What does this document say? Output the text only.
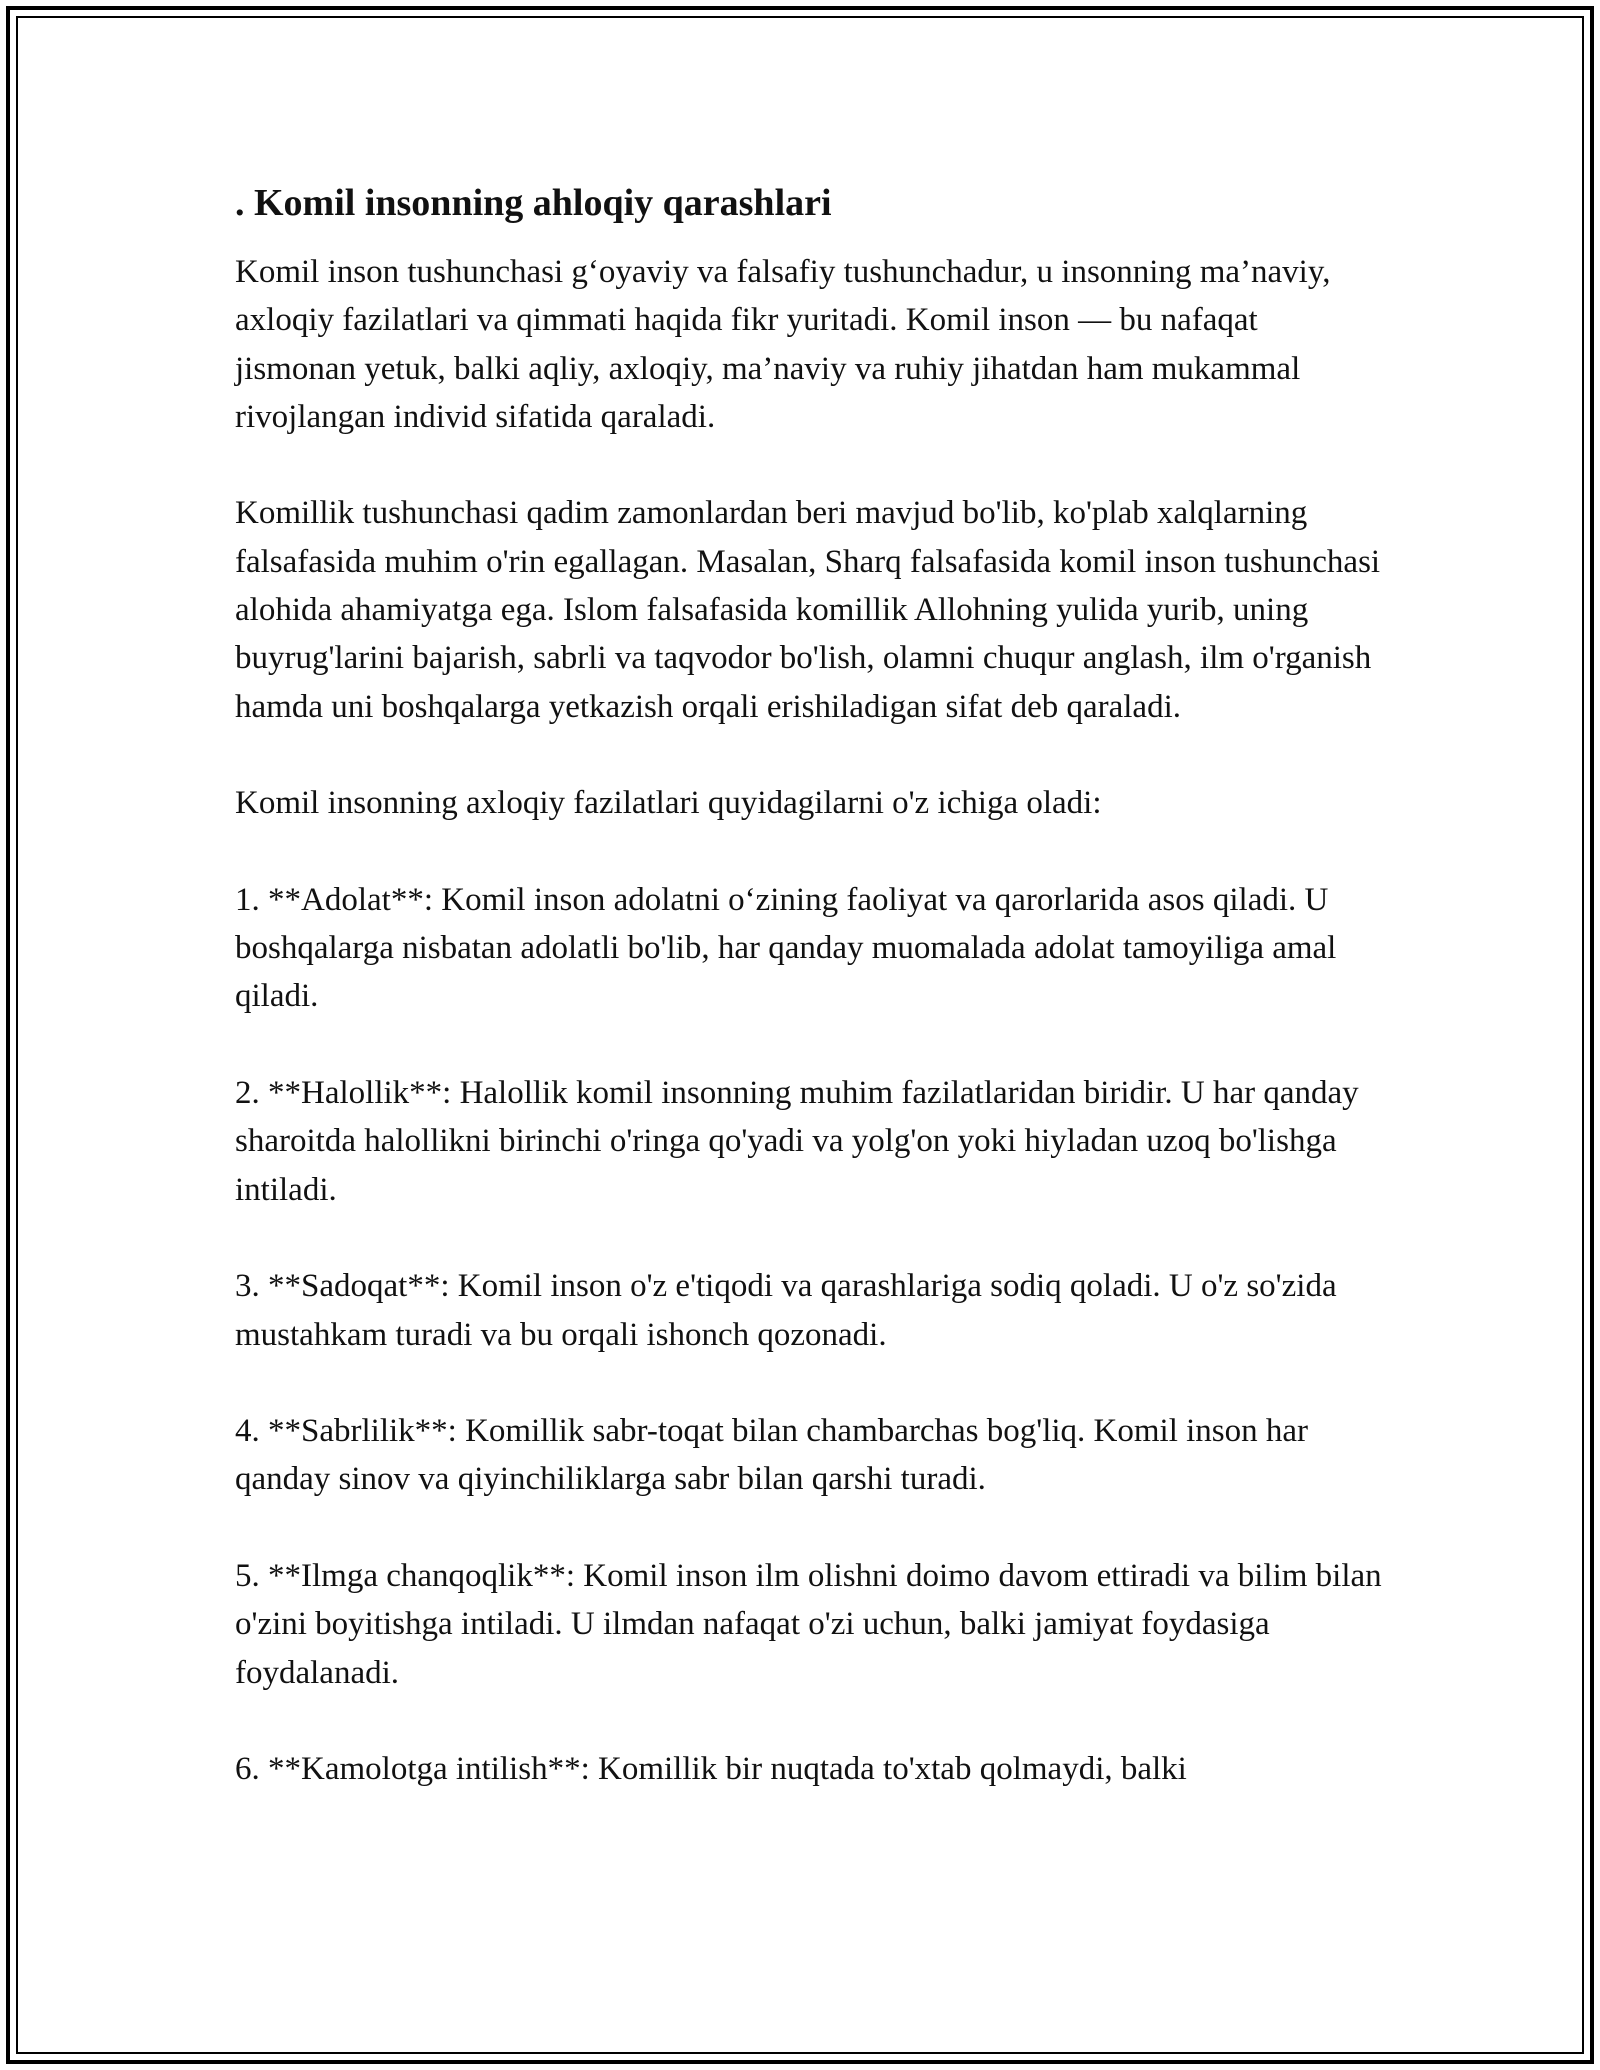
. Komil insonning ahloqiy qarashlari

Komil inson tushunchasi g‘oyaviy va falsafiy tushunchadur, u insonning ma’naviy, axloqiy fazilatlari va qimmati haqida fikr yuritadi. Komil inson — bu nafaqat jismonan yetuk, balki aqliy, axloqiy, ma’naviy va ruhiy jihatdan ham mukammal rivojlangan individ sifatida qaraladi.

Komillik tushunchasi qadim zamonlardan beri mavjud bo'lib, ko'plab xalqlarning falsafasida muhim o'rin egallagan. Masalan, Sharq falsafasida komil inson tushunchasi alohida ahamiyatga ega. Islom falsafasida komillik Allohning yulida yurib, uning buyrug'larini bajarish, sabrli va taqvodor bo'lish, olamni chuqur anglash, ilm o'rganish hamda uni boshqalarga yetkazish orqali erishiladigan sifat deb qaraladi.

Komil insonning axloqiy fazilatlari quyidagilarni o'z ichiga oladi:

1. **Adolat**: Komil inson adolatni o‘zining faoliyat va qarorlarida asos qiladi. U boshqalarga nisbatan adolatli bo'lib, har qanday muomalada adolat tamoyiliga amal qiladi.

2. **Halollik**: Halollik komil insonning muhim fazilatlaridan biridir. U har qanday sharoitda halollikni birinchi o'ringa qo'yadi va yolg'on yoki hiyladan uzoq bo'lishga intiladi.

3. **Sadoqat**: Komil inson o'z e'tiqodi va qarashlariga sodiq qoladi. U o'z so'zida mustahkam turadi va bu orqali ishonch qozonadi.

4. **Sabrlilik**: Komillik sabr-toqat bilan chambarchas bog'liq. Komil inson har qanday sinov va qiyinchiliklarga sabr bilan qarshi turadi.

5. **Ilmga chanqoqlik**: Komil inson ilm olishni doimo davom ettiradi va bilim bilan o'zini boyitishga intiladi. U ilmdan nafaqat o'zi uchun, balki jamiyat foydasiga foydalanadi.

6. **Kamolotga intilish**: Komillik bir nuqtada to'xtab qolmaydi, balki
